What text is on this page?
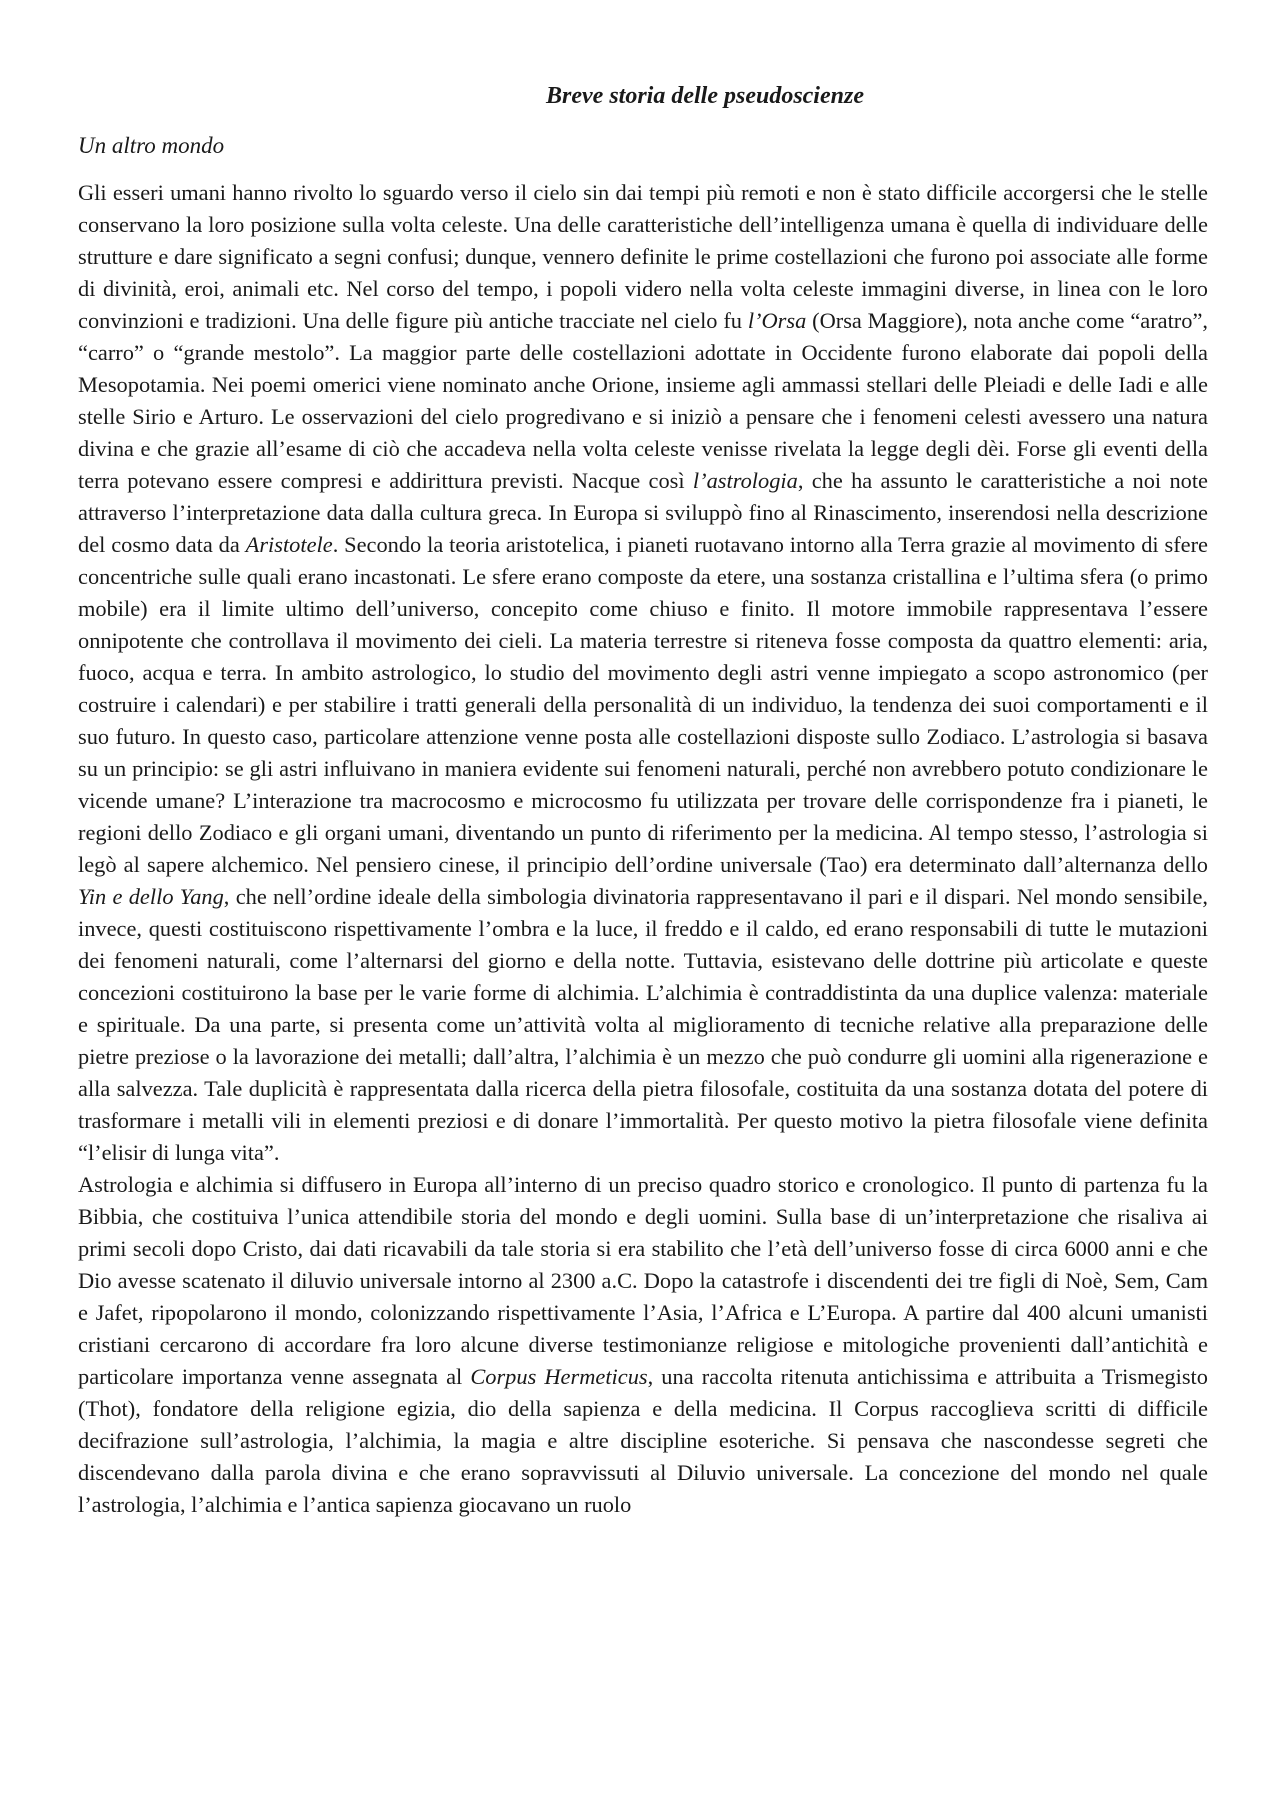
Breve storia delle pseudoscienze
Un altro mondo

Gli esseri umani hanno rivolto lo sguardo verso il cielo sin dai tempi più remoti e non è stato difficile accorgersi che le stelle conservano la loro posizione sulla volta celeste. Una delle caratteristiche dell’intelligenza umana è quella di individuare delle strutture e dare significato a segni confusi; dunque, vennero definite le prime costellazioni che furono poi associate alle forme di divinità, eroi, animali etc. Nel corso del tempo, i popoli videro nella volta celeste immagini diverse, in linea con le loro convinzioni e tradizioni. Una delle figure più antiche tracciate nel cielo fu l’Orsa (Orsa Maggiore), nota anche come “aratro”, “carro” o “grande mestolo”. La maggior parte delle costellazioni adottate in Occidente furono elaborate dai popoli della Mesopotamia. Nei poemi omerici viene nominato anche Orione, insieme agli ammassi stellari delle Pleiadi e delle Iadi e alle stelle Sirio e Arturo. Le osservazioni del cielo progredivano e si iniziò a pensare che i fenomeni celesti avessero una natura divina e che grazie all’esame di ciò che accadeva nella volta celeste venisse rivelata la legge degli dèi. Forse gli eventi della terra potevano essere compresi e addirittura previsti. Nacque così l’astrologia, che ha assunto le caratteristiche a noi note attraverso l’interpretazione data dalla cultura greca. In Europa si sviluppò fino al Rinascimento, inserendosi nella descrizione del cosmo data da Aristotele. Secondo la teoria aristotelica, i pianeti ruotavano intorno alla Terra grazie al movimento di sfere concentriche sulle quali erano incastonati. Le sfere erano composte da etere, una sostanza cristallina e l’ultima sfera (o primo mobile) era il limite ultimo dell’universo, concepito come chiuso e finito. Il motore immobile rappresentava l’essere onnipotente che controllava il movimento dei cieli. La materia terrestre si riteneva fosse composta da quattro elementi: aria, fuoco, acqua e terra. In ambito astrologico, lo studio del movimento degli astri venne impiegato a scopo astronomico (per costruire i calendari) e per stabilire i tratti generali della personalità di un individuo, la tendenza dei suoi comportamenti e il suo futuro. In questo caso, particolare attenzione venne posta alle costellazioni disposte sullo Zodiaco. L’astrologia si basava su un principio: se gli astri influivano in maniera evidente sui fenomeni naturali, perché non avrebbero potuto condizionare le vicende umane? L’interazione tra macrocosmo e microcosmo fu utilizzata per trovare delle corrispondenze fra i pianeti, le regioni dello Zodiaco e gli organi umani, diventando un punto di riferimento per la medicina. Al tempo stesso, l’astrologia si legò al sapere alchemico. Nel pensiero cinese, il principio dell’ordine universale (Tao) era determinato dall’alternanza dello Yin e dello Yang, che nell’ordine ideale della simbologia divinatoria rappresentavano il pari e il dispari. Nel mondo sensibile, invece, questi costituiscono rispettivamente l’ombra e la luce, il freddo e il caldo, ed erano responsabili di tutte le mutazioni dei fenomeni naturali, come l’alternarsi del giorno e della notte. Tuttavia, esistevano delle dottrine più articolate e queste concezioni costituirono la base per le varie forme di alchimia. L’alchimia è contraddistinta da una duplice valenza: materiale e spirituale. Da una parte, si presenta come un’attività volta al miglioramento di tecniche relative alla preparazione delle pietre preziose o la lavorazione dei metalli; dall’altra, l’alchimia è un mezzo che può condurre gli uomini alla rigenerazione e alla salvezza. Tale duplicità è rappresentata dalla ricerca della pietra filosofale, costituita da una sostanza dotata del potere di trasformare i metalli vili in elementi preziosi e di donare l’immortalità. Per questo motivo la pietra filosofale viene definita “l’elisir di lunga vita”.

Astrologia e alchimia si diffusero in Europa all’interno di un preciso quadro storico e cronologico. Il punto di partenza fu la Bibbia, che costituiva l’unica attendibile storia del mondo e degli uomini. Sulla base di un’interpretazione che risaliva ai primi secoli dopo Cristo, dai dati ricavabili da tale storia si era stabilito che l’età dell’universo fosse di circa 6000 anni e che Dio avesse scatenato il diluvio universale intorno al 2300 a.C. Dopo la catastrofe i discendenti dei tre figli di Noè, Sem, Cam e Jafet, ripopolarono il mondo, colonizzando rispettivamente l’Asia, l’Africa e L’Europa. A partire dal 400 alcuni umanisti cristiani cercarono di accordare fra loro alcune diverse testimonianze religiose e mitologiche provenienti dall’antichità e particolare importanza venne assegnata al Corpus Hermeticus, una raccolta ritenuta antichissima e attribuita a Trismegisto (Thot), fondatore della religione egizia, dio della sapienza e della medicina. Il Corpus raccoglieva scritti di difficile decifrazione sull’astrologia, l’alchimia, la magia e altre discipline esoteriche. Si pensava che nascondesse segreti che discendevano dalla parola divina e che erano sopravvissuti al Diluvio universale. La concezione del mondo nel quale l’astrologia, l’alchimia e l’antica sapienza giocavano un ruolo
